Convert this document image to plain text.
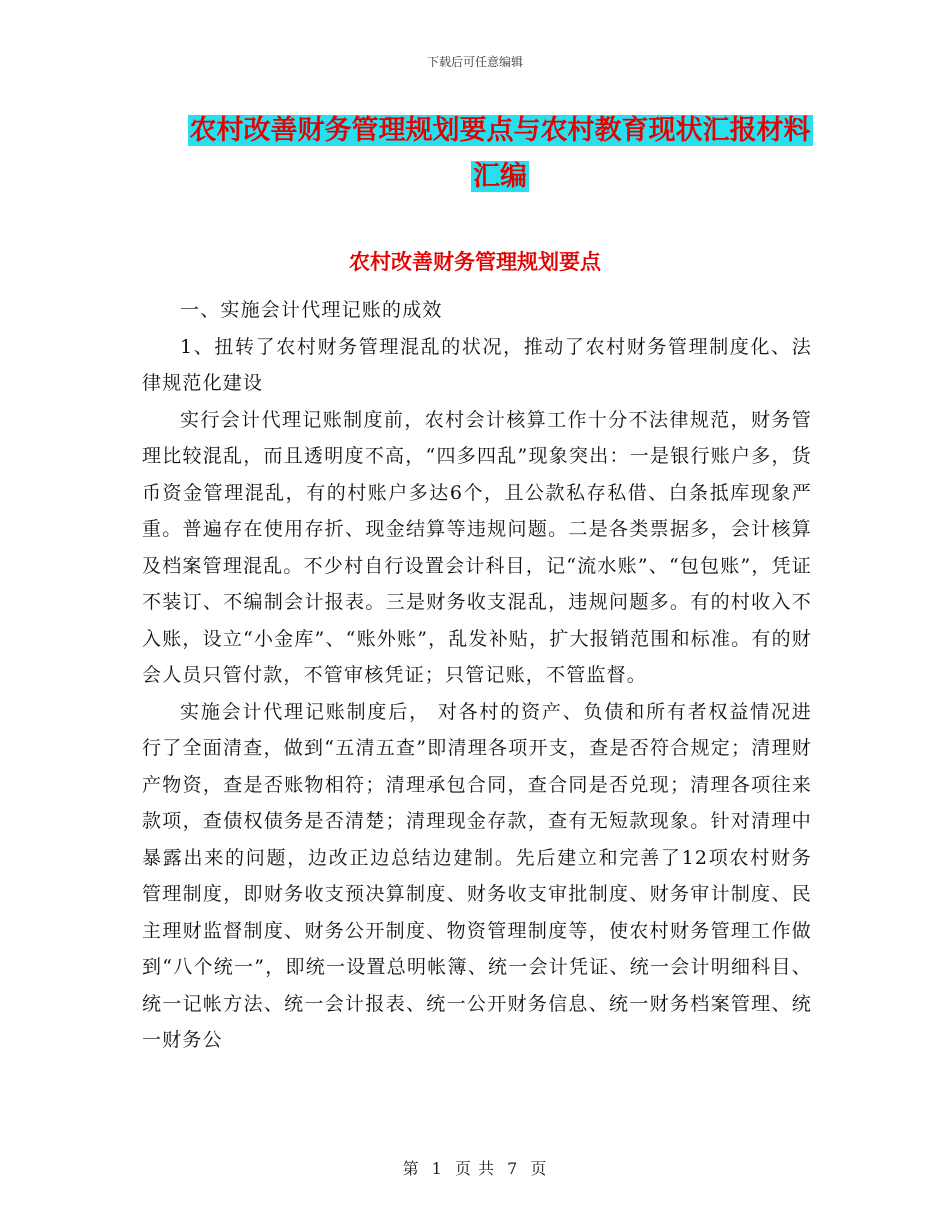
下载后可任意编辑
农村改善财务管理规划要点与农村教育现状汇报材料
汇编
农村改善财务管理规划要点

一、实施会计代理记账的成效

1、扭转了农村财务管理混乱的状况，推动了农村财务管理制度化、法律规范化建设

实行会计代理记账制度前，农村会计核算工作十分不法律规范，财务管理比较混乱，而且透明度不高，“四多四乱”现象突出：一是银行账户多，货币资金管理混乱，有的村账户多达6个，且公款私存私借、白条抵库现象严重。普遍存在使用存折、现金结算等违规问题。二是各类票据多，会计核算及档案管理混乱。不少村自行设置会计科目，记“流水账”、“包包账”，凭证不装订、不编制会计报表。三是财务收支混乱，违规问题多。有的村收入不入账，设立“小金库”、“账外账”，乱发补贴，扩大报销范围和标准。有的财会人员只管付款，不管审核凭证；只管记账，不管监督。

实施会计代理记账制度后， 对各村的资产、负债和所有者权益情况进行了全面清查，做到“五清五查”即清理各项开支，查是否符合规定；清理财产物资，查是否账物相符；清理承包合同，查合同是否兑现；清理各项往来款项，查债权债务是否清楚；清理现金存款，查有无短款现象。针对清理中暴露出来的问题，边改正边总结边建制。先后建立和完善了12项农村财务管理制度，即财务收支预决算制度、财务收支审批制度、财务审计制度、民主理财监督制度、财务公开制度、物资管理制度等，使农村财务管理工作做到“八个统一”，即统一设置总明帐簿、统一会计凭证、统一会计明细科目、统一记帐方法、统一会计报表、统一公开财务信息、统一财务档案管理、统一财务公

第 1 页 共 7 页
